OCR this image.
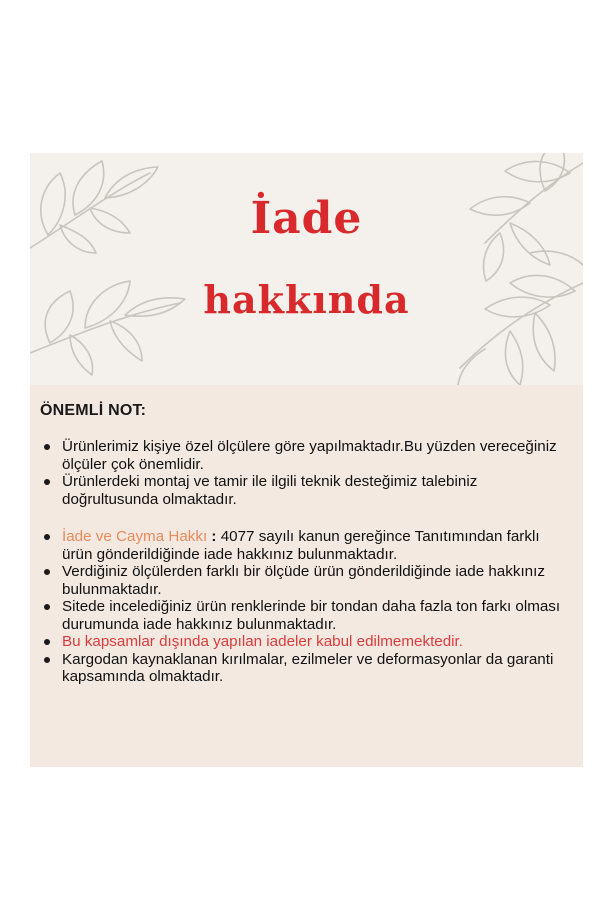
İade
hakkında
ÖNEMLİ NOT:
Ürünlerimiz kişiye özel ölçülere göre yapılmaktadır.Bu yüzden vereceğiniz ölçüler çok önemlidir.
Ürünlerdeki montaj ve tamir ile ilgili teknik desteğimiz talebiniz doğrultusunda olmaktadır.
İade ve Cayma Hakkı : 4077 sayılı kanun gereğince Tanıtımından farklı ürün gönderildiğinde iade hakkınız bulunmaktadır.
Verdiğiniz ölçülerden farklı bir ölçüde ürün gönderildiğinde iade hakkınız bulunmaktadır.
Sitede incelediğiniz ürün renklerinde bir tondan daha fazla ton farkı olması durumunda iade hakkınız bulunmaktadır.
Bu kapsamlar dışında yapılan iadeler kabul edilmemektedir.
Kargodan kaynaklanan kırılmalar, ezilmeler ve deformasyonlar da garanti kapsamında olmaktadır.
